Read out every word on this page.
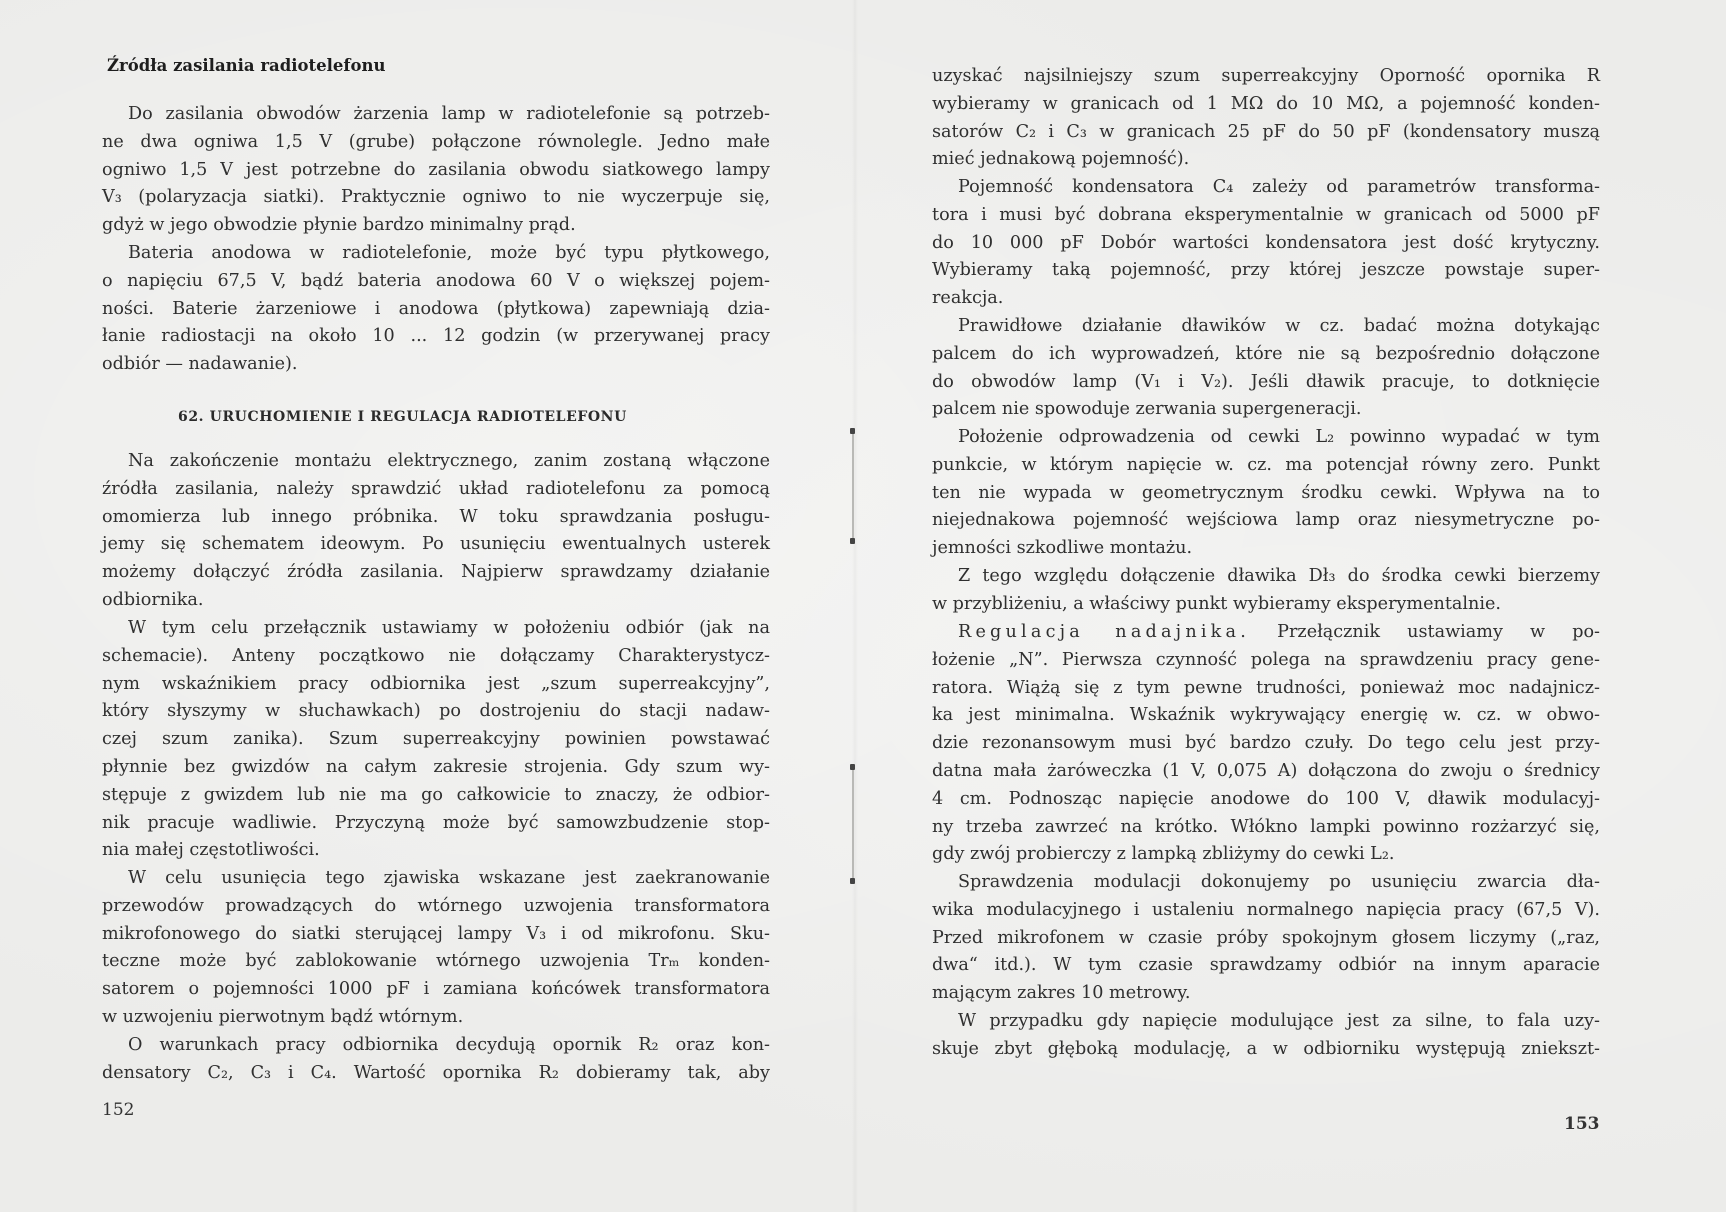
Źródła zasilania radiotelefonu
Do zasilania obwodów żarzenia lamp w radiotelefonie są potrzeb-
ne dwa ogniwa 1,5 V (grube) połączone równolegle. Jedno małe
ogniwo 1,5 V jest potrzebne do zasilania obwodu siatkowego lampy
V₃ (polaryzacja siatki). Praktycznie ogniwo to nie wyczerpuje się,
gdyż w jego obwodzie płynie bardzo minimalny prąd.
Bateria anodowa w radiotelefonie, może być typu płytkowego,
o napięciu 67,5 V, bądź bateria anodowa 60 V o większej pojem-
ności. Baterie żarzeniowe i anodowa (płytkowa) zapewniają dzia-
łanie radiostacji na około 10 ... 12 godzin (w przerywanej pracy
odbiór — nadawanie).
62. URUCHOMIENIE I REGULACJA RADIOTELEFONU
Na zakończenie montażu elektrycznego, zanim zostaną włączone
źródła zasilania, należy sprawdzić układ radiotelefonu za pomocą
omomierza lub innego próbnika. W toku sprawdzania posługu-
jemy się schematem ideowym. Po usunięciu ewentualnych usterek
możemy dołączyć źródła zasilania. Najpierw sprawdzamy działanie
odbiornika.
W tym celu przełącznik ustawiamy w położeniu odbiór (jak na
schemacie). Anteny początkowo nie dołączamy Charakterystycz-
nym wskaźnikiem pracy odbiornika jest „szum superreakcyjny”,
który słyszymy w słuchawkach) po dostrojeniu do stacji nadaw-
czej szum zanika). Szum superreakcyjny powinien powstawać
płynnie bez gwizdów na całym zakresie strojenia. Gdy szum wy-
stępuje z gwizdem lub nie ma go całkowicie to znaczy, że odbior-
nik pracuje wadliwie. Przyczyną może być samowzbudzenie stop-
nia małej częstotliwości.
W celu usunięcia tego zjawiska wskazane jest zaekranowanie
przewodów prowadzących do wtórnego uzwojenia transformatora
mikrofonowego do siatki sterującej lampy V₃ i od mikrofonu. Sku-
teczne może być zablokowanie wtórnego uzwojenia Trₘ konden-
satorem o pojemności 1000 pF i zamiana końcówek transformatora
w uzwojeniu pierwotnym bądź wtórnym.
O warunkach pracy odbiornika decydują opornik R₂ oraz kon-
densatory C₂, C₃ i C₄. Wartość opornika R₂ dobieramy tak, aby
152
153
uzyskać najsilniejszy szum superreakcyjny Oporność opornika R
wybieramy w granicach od 1 MΩ do 10 MΩ, a pojemność konden-
satorów C₂ i C₃ w granicach 25 pF do 50 pF (kondensatory muszą
mieć jednakową pojemność).
Pojemność kondensatora C₄ zależy od parametrów transforma-
tora i musi być dobrana eksperymentalnie w granicach od 5000 pF
do 10 000 pF Dobór wartości kondensatora jest dość krytyczny.
Wybieramy taką pojemność, przy której jeszcze powstaje super-
reakcja.
Prawidłowe działanie dławików w cz. badać można dotykając
palcem do ich wyprowadzeń, które nie są bezpośrednio dołączone
do obwodów lamp (V₁ i V₂). Jeśli dławik pracuje, to dotknięcie
palcem nie spowoduje zerwania supergeneracji.
Położenie odprowadzenia od cewki L₂ powinno wypadać w tym
punkcie, w którym napięcie w. cz. ma potencjał równy zero. Punkt
ten nie wypada w geometrycznym środku cewki. Wpływa na to
niejednakowa pojemność wejściowa lamp oraz niesymetryczne po-
jemności szkodliwe montażu.
Z tego względu dołączenie dławika Dł₃ do środka cewki bierzemy
w przybliżeniu, a właściwy punkt wybieramy eksperymentalnie.
Regulacja nadajnika. Przełącznik ustawiamy w po-
łożenie „N”. Pierwsza czynność polega na sprawdzeniu pracy gene-
ratora. Wiążą się z tym pewne trudności, ponieważ moc nadajnicz-
ka jest minimalna. Wskaźnik wykrywający energię w. cz. w obwo-
dzie rezonansowym musi być bardzo czuły. Do tego celu jest przy-
datna mała żaróweczka (1 V, 0,075 A) dołączona do zwoju o średnicy
4 cm. Podnosząc napięcie anodowe do 100 V, dławik modulacyj-
ny trzeba zawrzeć na krótko. Włókno lampki powinno rozżarzyć się,
gdy zwój probierczy z lampką zbliżymy do cewki L₂.
Sprawdzenia modulacji dokonujemy po usunięciu zwarcia dła-
wika modulacyjnego i ustaleniu normalnego napięcia pracy (67,5 V).
Przed mikrofonem w czasie próby spokojnym głosem liczymy („raz,
dwa“ itd.). W tym czasie sprawdzamy odbiór na innym aparacie
mającym zakres 10 metrowy.
W przypadku gdy napięcie modulujące jest za silne, to fala uzy-
skuje zbyt głęboką modulację, a w odbiorniku występują zniekszt-
